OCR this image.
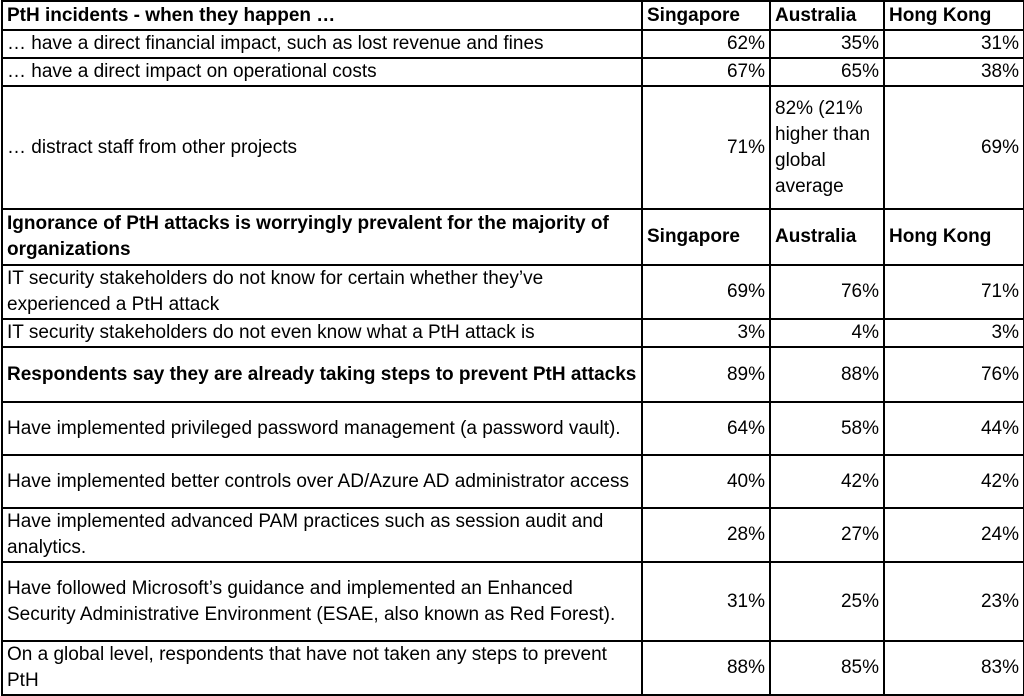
PtH incidents - when they happen …	Singapore	Australia	Hong Kong
… have a direct financial impact, such as lost revenue and fines	62%	35%	31%
… have a direct impact on operational costs	67%	65%	38%
… distract staff from other projects	71%	82% (21% higher than global average	69%
Ignorance of PtH attacks is worryingly prevalent for the majority of organizations	Singapore	Australia	Hong Kong
IT security stakeholders do not know for certain whether they’ve experienced a PtH attack	69%	76%	71%
IT security stakeholders do not even know what a PtH attack is	3%	4%	3%
Respondents say they are already taking steps to prevent PtH attacks	89%	88%	76%
Have implemented privileged password management (a password vault).	64%	58%	44%
Have implemented better controls over AD/Azure AD administrator access	40%	42%	42%
Have implemented advanced PAM practices such as session audit and analytics.	28%	27%	24%
Have followed Microsoft’s guidance and implemented an Enhanced Security Administrative Environment (ESAE, also known as Red Forest).	31%	25%	23%
On a global level, respondents that have not taken any steps to prevent PtH	88%	85%	83%
